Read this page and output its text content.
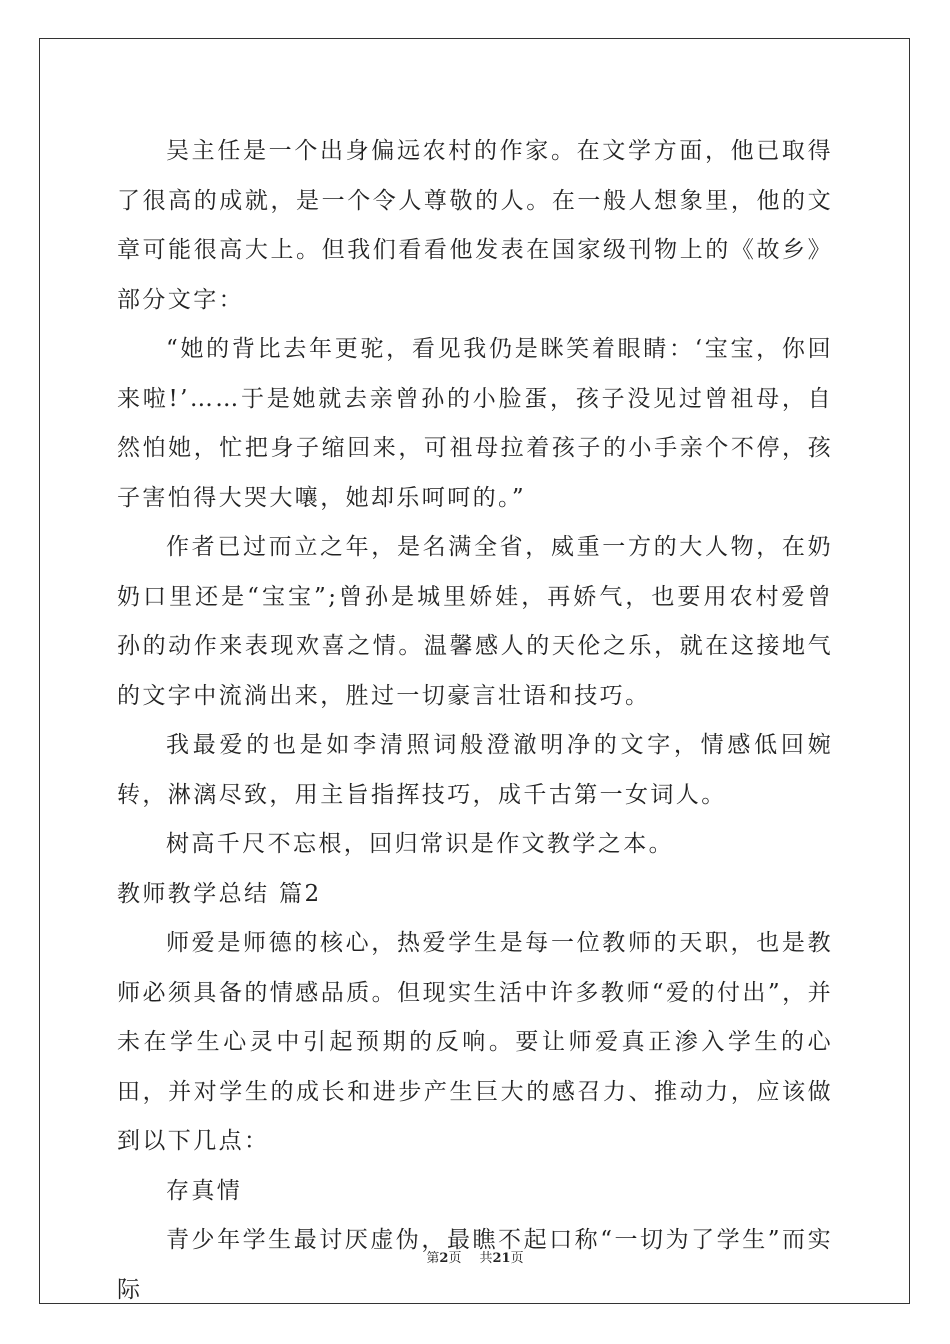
吴主任是一个出身偏远农村的作家。在文学方面，他已取得了很高的成就，是一个令人尊敬的人。在一般人想象里，他的文章可能很高大上。但我们看看他发表在国家级刊物上的《故乡》部分文字：

“她的背比去年更驼，看见我仍是眯笑着眼睛：‘宝宝，你回来啦!’……于是她就去亲曾孙的小脸蛋，孩子没见过曾祖母，自然怕她，忙把身子缩回来，可祖母拉着孩子的小手亲个不停，孩子害怕得大哭大嚷，她却乐呵呵的。”

作者已过而立之年，是名满全省，威重一方的大人物，在奶奶口里还是“宝宝”;曾孙是城里娇娃，再娇气，也要用农村爱曾孙的动作来表现欢喜之情。温馨感人的天伦之乐，就在这接地气的文字中流淌出来，胜过一切豪言壮语和技巧。

我最爱的也是如李清照词般澄澈明净的文字，情感低回婉转，淋漓尽致，用主旨指挥技巧，成千古第一女词人。

树高千尺不忘根，回归常识是作文教学之本。

教师教学总结 篇2

师爱是师德的核心，热爱学生是每一位教师的天职，也是教师必须具备的情感品质。但现实生活中许多教师“爱的付出”，并未在学生心灵中引起预期的反响。要让师爱真正渗入学生的心田，并对学生的成长和进步产生巨大的感召力、推动力，应该做到以下几点：

存真情

青少年学生最讨厌虚伪，最瞧不起口称“一切为了学生”而实际

第2页 共21页
